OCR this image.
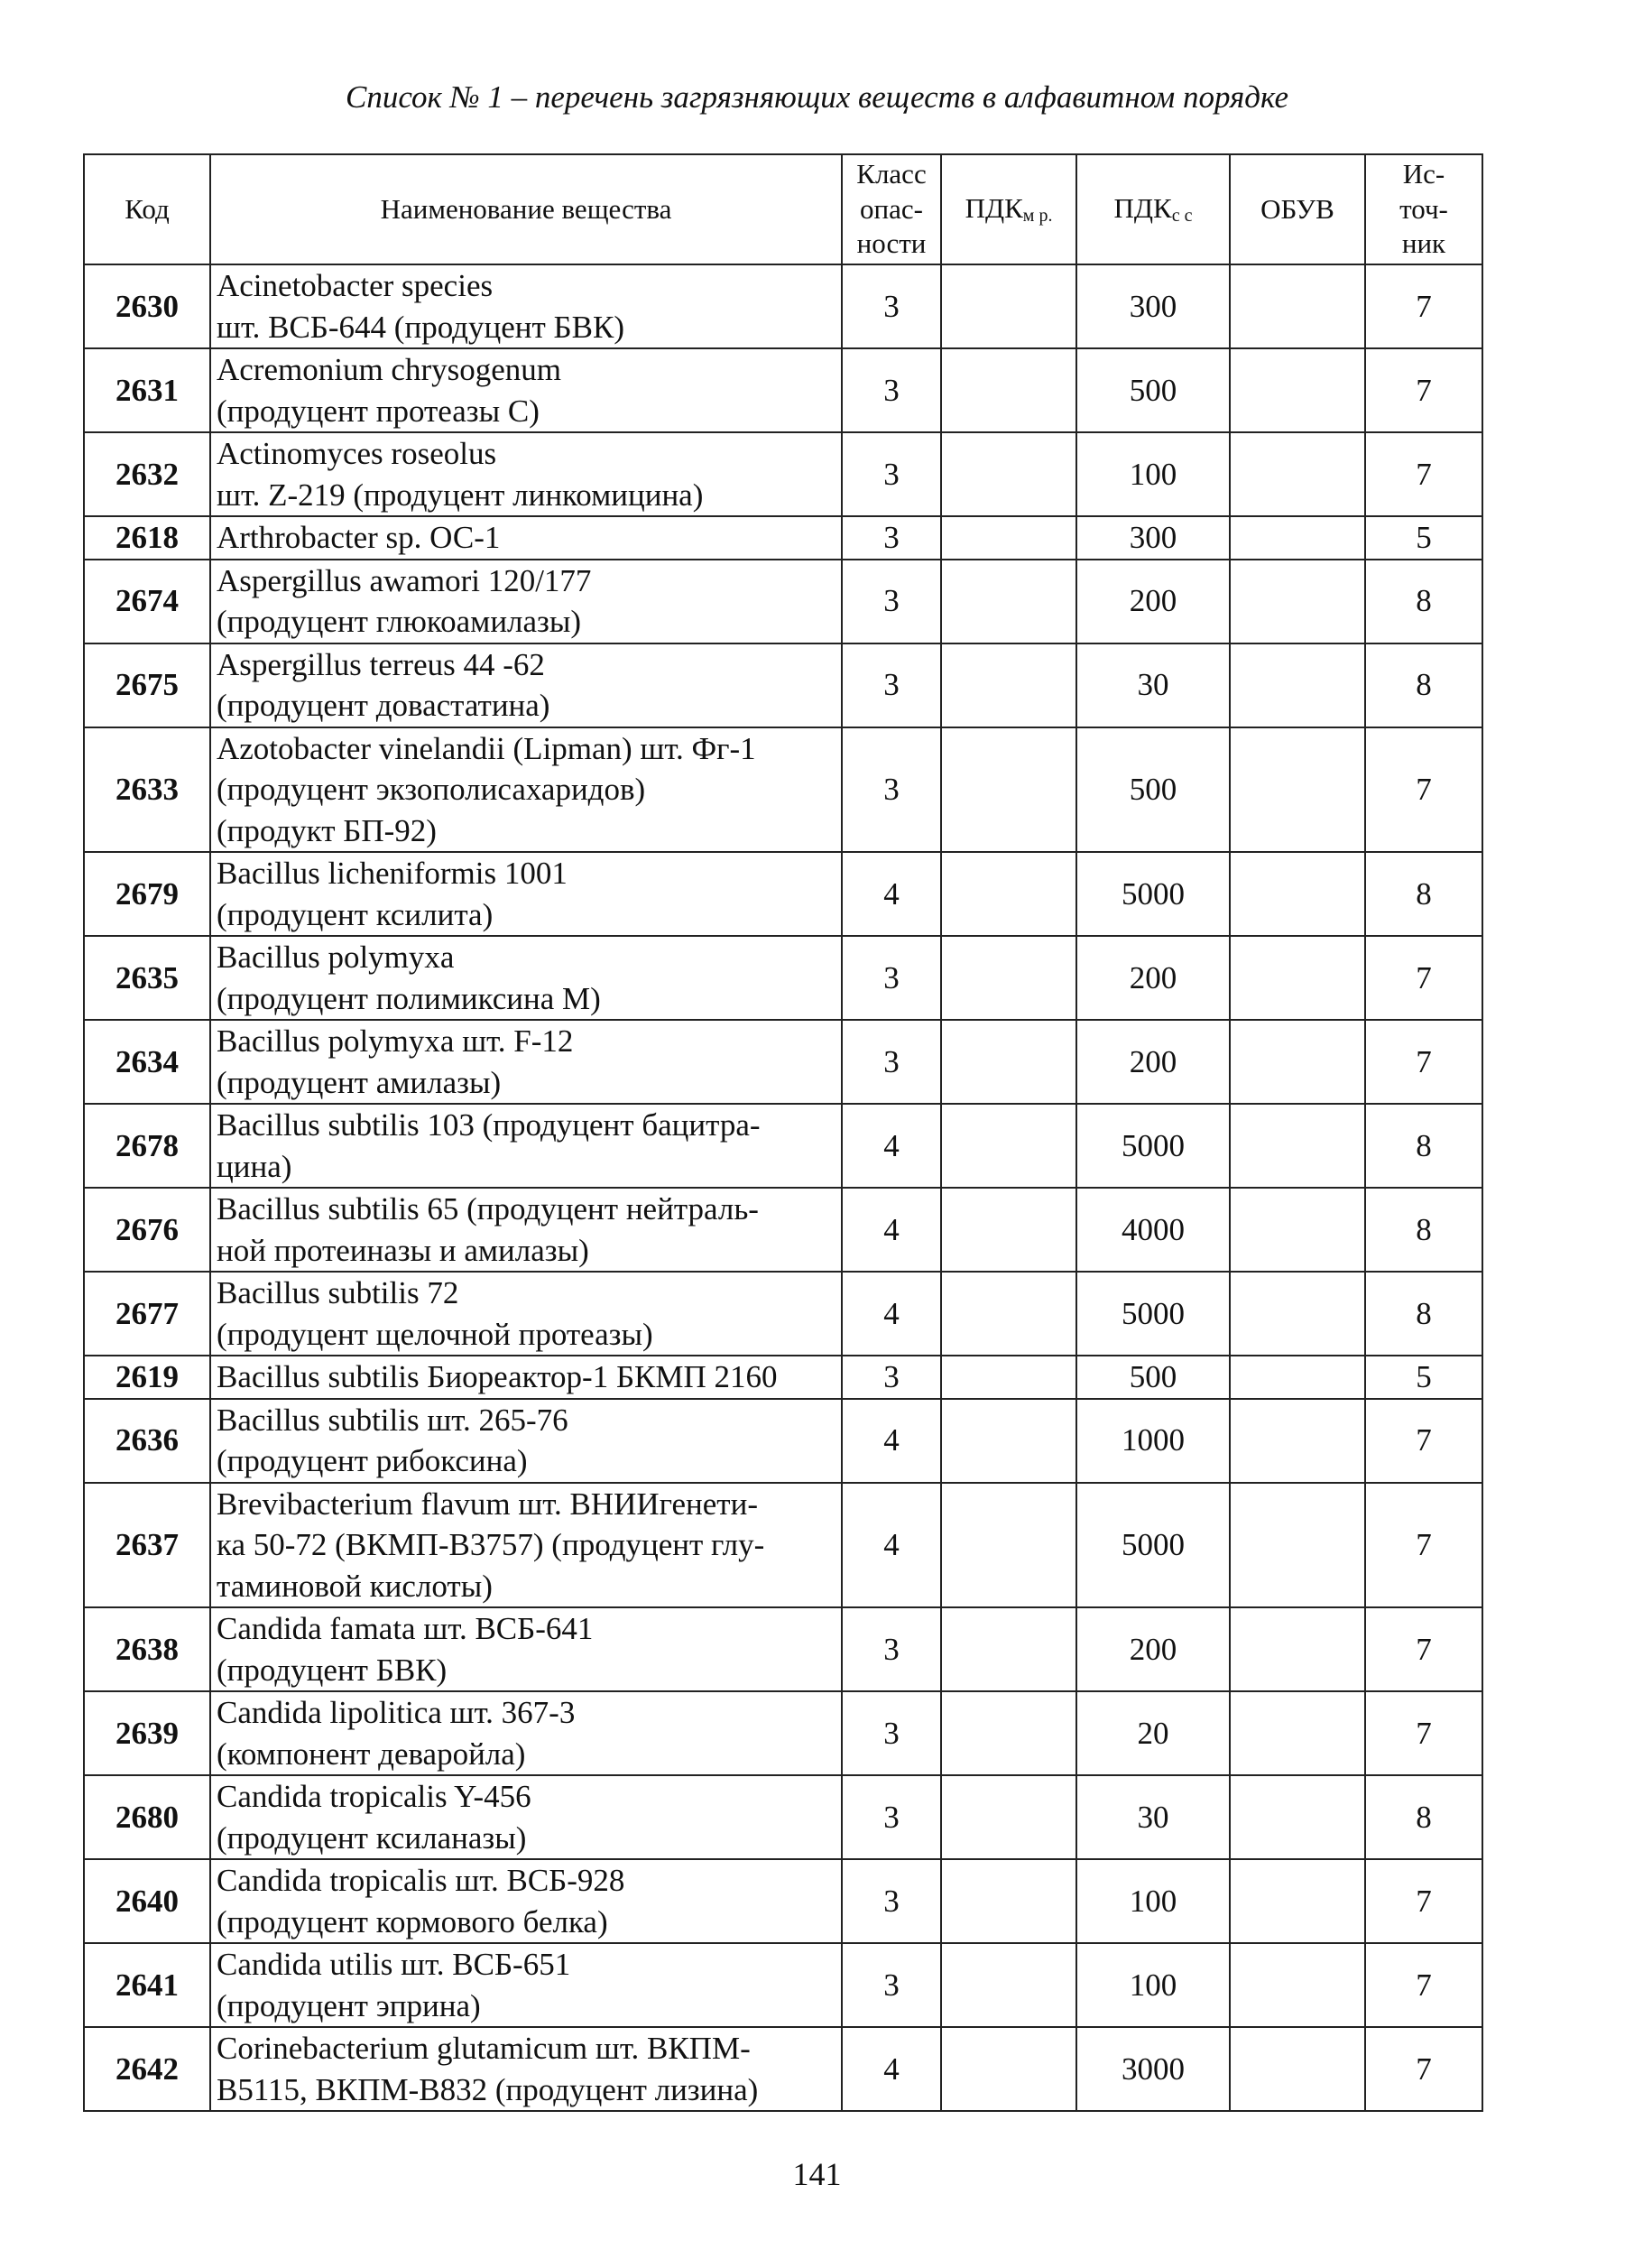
Список № 1 – перечень загрязняющих веществ в алфавитном порядке
Код	Наименование вещества	Класс
опас-
ности	$ПДК_{м р.}$	$ПДК_{с с}$	ОБУВ	Ис-
точ-
ник
2630	Acinetobacter species
шт. ВСБ-644 (продуцент БВК)	3		300		7
2631	Acremonium chrysogenum
(продуцент протеазы С)	3		500		7
2632	Actinomyces roseolus
шт. Z-219 (продуцент линкомицина)	3		100		7
2618	Arthrobacter sp. ОС-1	3		300		5
2674	Aspergillus awamori 120/177
(продуцент глюкоамилазы)	3		200		8
2675	Aspergillus terreus 44 -62
(продуцент довастатина)	3		30		8
2633	Azotobacter vinelandii (Lipman) шт. Фг-1
(продуцент экзополисахаридов)
(продукт БП-92)	3		500		7
2679	Bacillus licheniformis 1001
(продуцент ксилита)	4		5000		8
2635	Bacillus polymyxa
(продуцент полимиксина М)	3		200		7
2634	Bacillus polymyxa шт. F-12
(продуцент амилазы)	3		200		7
2678	Bacillus subtilis 103 (продуцент бацитра-
цина)	4		5000		8
2676	Bacillus subtilis 65 (продуцент нейтраль-
ной протеиназы и амилазы)	4		4000		8
2677	Bacillus subtilis 72
(продуцент щелочной протеазы)	4		5000		8
2619	Bacillus subtilis Биореактор-1 БКМП 2160	3		500		5
2636	Bacillus subtilis шт. 265-76
(продуцент рибоксина)	4		1000		7
2637	Brevibacterium flavum шт. ВНИИгенети-
ка 50-72 (ВКМП-В3757) (продуцент глу-
таминовой кислоты)	4		5000		7
2638	Candida famata шт. ВСБ-641
(продуцент БВК)	3		200		7
2639	Candida lipolitica шт. 367-3
(компонент деваройла)	3		20		7
2680	Candida tropicalis Y-456
(продуцент ксиланазы)	3		30		8
2640	Candida tropicalis шт. ВСБ-928
(продуцент кормового белка)	3		100		7
2641	Candida utilis шт. ВСБ-651
(продуцент эприна)	3		100		7
2642	Corinebacterium glutamicum шт. ВКПМ-
В5115, ВКПМ-В832 (продуцент лизина)	4		3000		7
141
